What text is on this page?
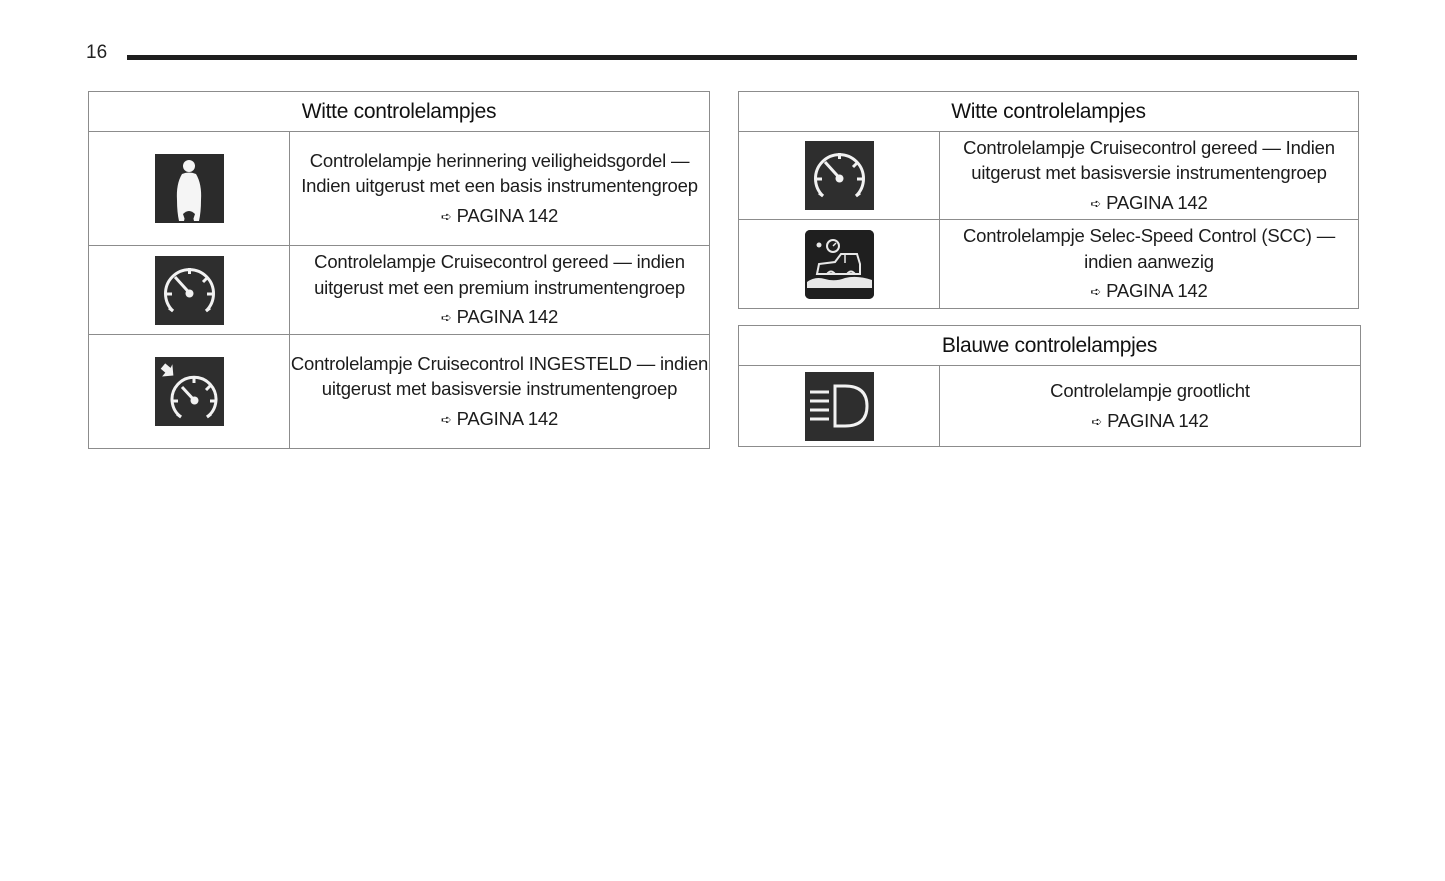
16
Witte controlelampjes	

	Controlelampje herinnering veiligheidsgordel — Indien uitgerust met een basis instrumentengroep
➪ PAGINA 142

	Controlelampje Cruisecontrol gereed — indien uitgerust met een premium instrumentengroep
➪ PAGINA 142

	Controlelampje Cruisecontrol INGESTELD — indien uitgerust met basisversie instrumentengroep
➪ PAGINA 142
Witte controlelampjes	

	Controlelampje Cruisecontrol gereed — Indien uitgerust met basisversie instrumentengroep
➪ PAGINA 142

	Controlelampje Selec-Speed Control (SCC) — indien aanwezig
➪ PAGINA 142
Blauwe controlelampjes

	Controlelampje grootlicht
➪ PAGINA 142
